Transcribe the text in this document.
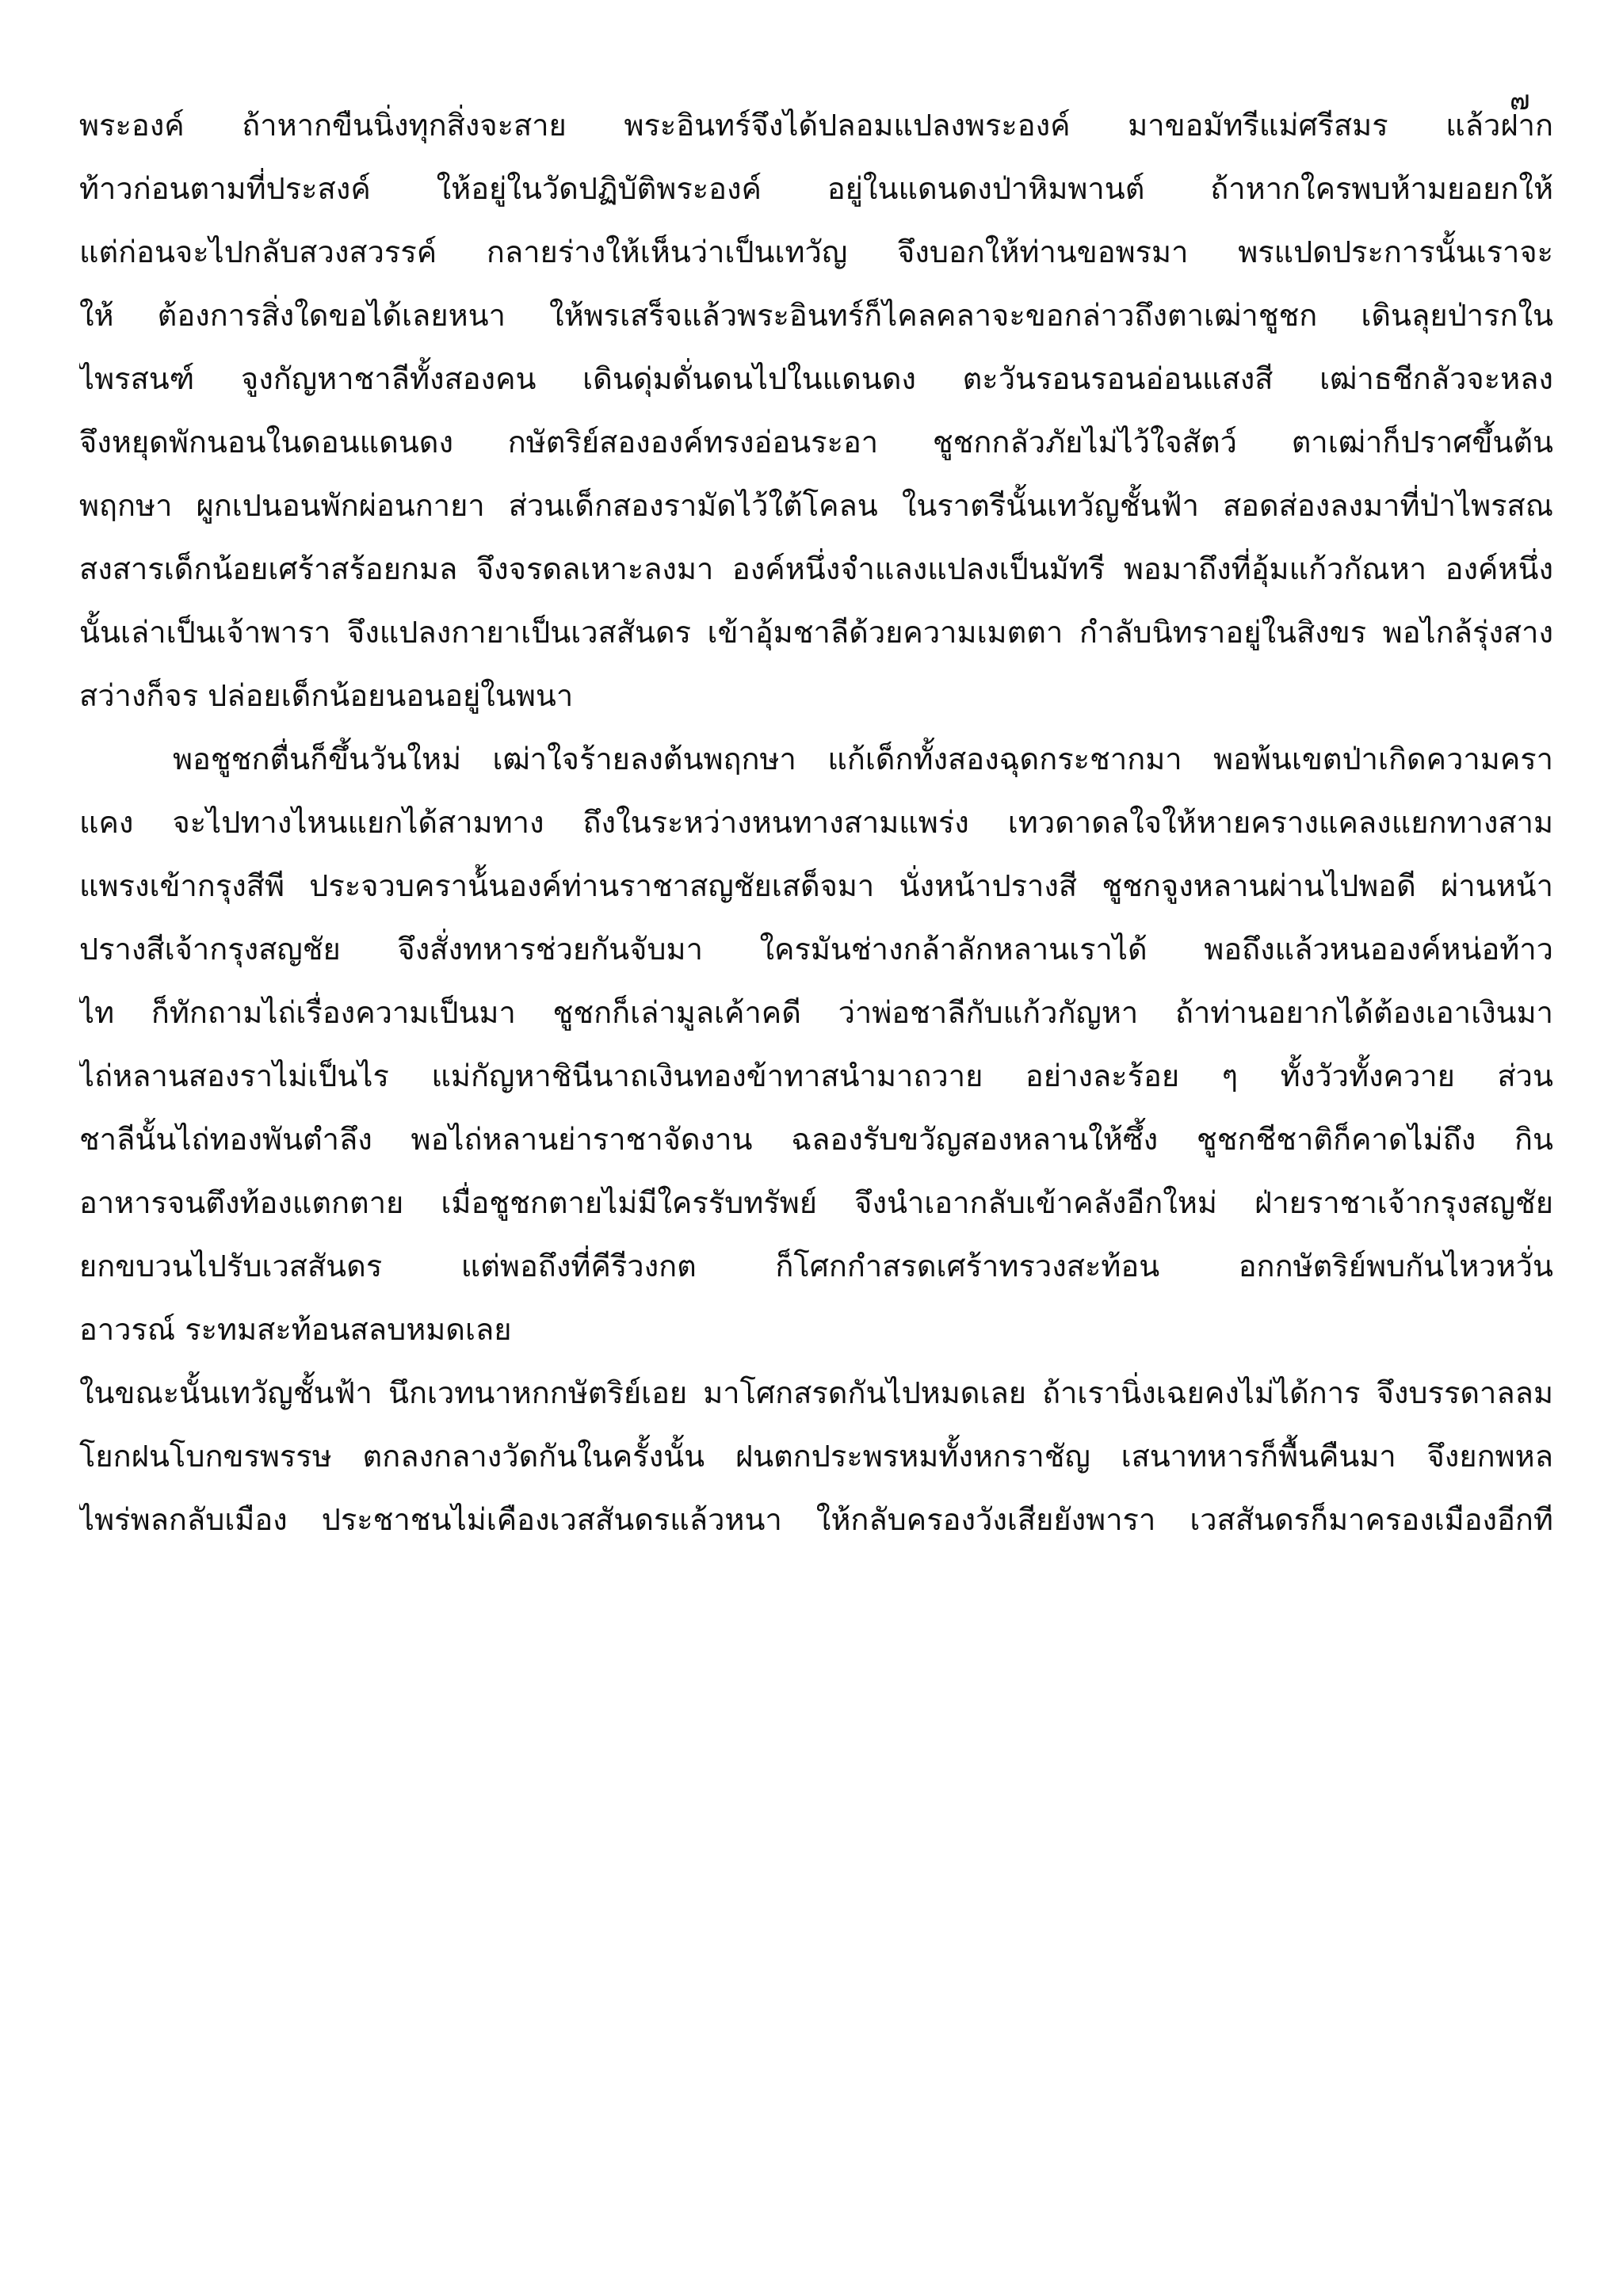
๗
พระองค์ ถ้าหากขืนนิ่งทุกสิ่งจะสาย พระอินทร์จึงได้ปลอมแปลงพระองค์ มาขอมัทรีแม่ศรีสมร แล้วฝาก
ท้าวก่อนตามที่ประสงค์ ให้อยู่ในวัดปฏิบัติพระองค์ อยู่ในแดนดงป่าหิมพานต์ ถ้าหากใครพบห้ามยอยกให้
แต่ก่อนจะไปกลับสวงสวรรค์ กลายร่างให้เห็นว่าเป็นเทวัญ จึงบอกให้ท่านขอพรมา พรแปดประการนั้นเราจะ
ให้ ต้องการสิ่งใดขอได้เลยหนา ให้พรเสร็จแล้วพระอินทร์ก็ไคลคลาจะขอกล่าวถึงตาเฒ่าชูชก เดินลุยป่ารกใน
ไพรสนฑ์ จูงกัญหาชาลีทั้งสองคน เดินดุ่มดั่นดนไปในแดนดง ตะวันรอนรอนอ่อนแสงสี เฒ่าธชีกลัวจะหลง
จึงหยุดพักนอนในดอนแดนดง กษัตริย์สององค์ทรงอ่อนระอา ชูชกกลัวภัยไม่ไว้ใจสัตว์ ตาเฒ่าก็ปราศขึ้นต้น
พฤกษา ผูกเปนอนพักผ่อนกายา ส่วนเด็กสองรามัดไว้ใต้โคลน ในราตรีนั้นเทวัญชั้นฟ้า สอดส่องลงมาที่ป่าไพรสณ
สงสารเด็กน้อยเศร้าสร้อยกมล จึงจรดลเหาะลงมา องค์หนึ่งจำแลงแปลงเป็นมัทรี พอมาถึงที่อุ้มแก้วกัณหา องค์หนึ่ง
นั้นเล่าเป็นเจ้าพารา จึงแปลงกายาเป็นเวสสันดร เข้าอุ้มชาลีด้วยความเมตตา กำลับนิทราอยู่ในสิงขร พอไกล้รุ่งสาง
สว่างก็จร ปล่อยเด็กน้อยนอนอยู่ในพนา
พอชูชกตื่นก็ขึ้นวันใหม่ เฒ่าใจร้ายลงต้นพฤกษา แก้เด็กทั้งสองฉุดกระชากมา พอพ้นเขตป่าเกิดความครา
แคง จะไปทางไหนแยกได้สามทาง ถึงในระหว่างหนทางสามแพร่ง เทวดาดลใจให้หายครางแคลงแยกทางสาม
แพรงเข้ากรุงสีพี ประจวบคราน้้นองค์ท่านราชาสญชัยเสด็จมา นั่งหน้าปรางสี ชูชกจูงหลานผ่านไปพอดี ผ่านหน้า
ปรางสีเจ้ากรุงสญชัย จึงสั่งทหารช่วยกันจับมา ใครมันช่างกล้าลักหลานเราได้ พอถึงแล้วหนอองค์หน่อท้าว
ไท ก็ทักถามไถ่เรื่องความเป็นมา ชูชกก็เล่ามูลเค้าคดี ว่าพ่อชาลีกับแก้วกัญหา ถ้าท่านอยากได้ต้องเอาเงินมา
ไถ่หลานสองราไม่เป็นไร แม่กัญหาชินีนาถเงินทองข้าทาสนำมาถวาย อย่างละร้อย ๆ ทั้งวัวทั้งควาย ส่วน
ชาลีนั้นไถ่ทองพันตำลึง พอไถ่หลานย่าราชาจัดงาน ฉลองรับขวัญสองหลานให้ซึ้ง ชูชกชีชาติก็คาดไม่ถึง กิน
อาหารจนตึงท้องแตกตาย เมื่อชูชกตายไม่มีใครรับทรัพย์ จึงนำเอากลับเข้าคลังอีกใหม่ ฝ่ายราชาเจ้ากรุงสญชัย
ยกขบวนไปรับเวสสันดร แต่พอถึงที่คีรีวงกต ก็โศกกำสรดเศร้าทรวงสะท้อน อกกษัตริย์พบกันไหวหวั่น
อาวรณ์ ระทมสะท้อนสลบหมดเลย
ในขณะนั้นเทวัญชั้นฟ้า นึกเวทนาหกกษัตริย์เอย มาโศกสรดกันไปหมดเลย ถ้าเรานิ่งเฉยคงไม่ได้การ จึงบรรดาลลม
โยกฝนโบกขรพรรษ ตกลงกลางวัดกันในครั้งนั้น ฝนตกประพรหมทั้งหกราชัญ เสนาทหารก็พื้นคืนมา จึงยกพหล
ไพร่พลกลับเมือง ประชาชนไม่เคืองเวสสันดรแล้วหนา ให้กลับครองวังเสียยังพารา เวสสันดรก็มาครองเมืองอีกที
